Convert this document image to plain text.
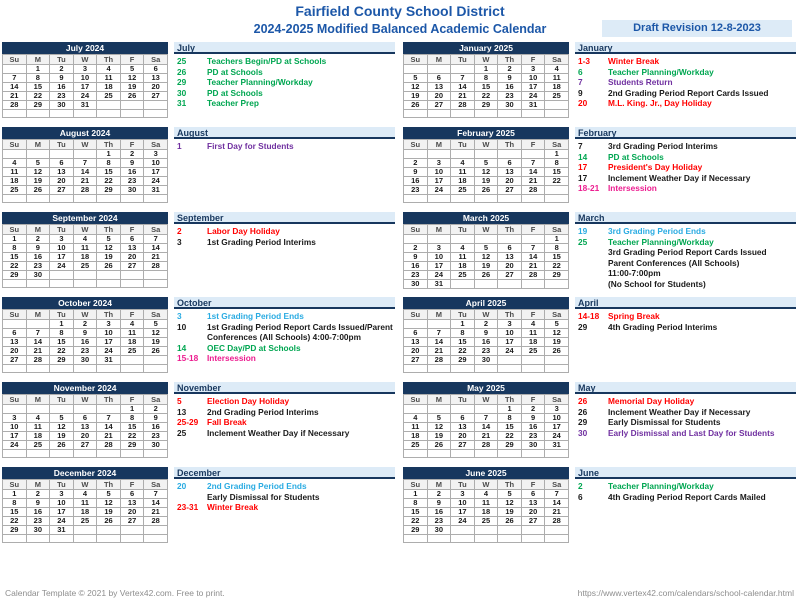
Fairfield County School District
2024-2025 Modified Balanced Academic Calendar	Draft Revision 12-8-2023
July 2024
Su	M	Tu	W	Th	F	Sa
	1	2	3	4	5	6
7	8	9	10	11	12	13
14	15	16	17	18	19	20
21	22	23	24	25	26	27
28	29	30	31			

July
25	Teachers Begin/PD at Schools
26	PD at Schools
29	Teacher Planning/Workday
30	PD at Schools
31	Teacher Prep
August 2024
Su	M	Tu	W	Th	F	Sa
				1	2	3
4	5	6	7	8	9	10
11	12	13	14	15	16	17
18	19	20	21	22	23	24
25	26	27	28	29	30	31

August
1	First Day for Students
September 2024
Su	M	Tu	W	Th	F	Sa
1	2	3	4	5	6	7
8	9	10	11	12	13	14
15	16	17	18	19	20	21
22	23	24	25	26	27	28
29	30					

September
2	Labor Day Holiday
3	1st Grading Period Interims
October 2024
Su	M	Tu	W	Th	F	Sa
		1	2	3	4	5
6	7	8	9	10	11	12
13	14	15	16	17	18	19
20	21	22	23	24	25	26
27	28	29	30	31		

October
3	1st Grading Period Ends
10	1st Grading Period Report Cards Issued/Parent
Conferences (All Schools) 4:00-7:00pm
14	OEC Day/PD at Schools
15-18 Intersession
November 2024
Su	M	Tu	W	Th	F	Sa
					1	2
3	4	5	6	7	8	9
10	11	12	13	14	15	16
17	18	19	20	21	22	23
24	25	26	27	28	29	30

November
5	Election Day Holiday
13	2nd Grading Period Interims
25-29 Fall Break
25	Inclement Weather Day if Necessary
December 2024
Su	M	Tu	W	Th	F	Sa
1	2	3	4	5	6	7
8	9	10	11	12	13	14
15	16	17	18	19	20	21
22	23	24	25	26	27	28
29	30	31				

December
20	2nd Grading Period Ends
Early Dismissal for Students
23-31 Winter Break
January 2025
Su	M	Tu	W	Th	F	Sa
			1	2	3	4
5	6	7	8	9	10	11
12	13	14	15	16	17	18
19	20	21	22	23	24	25
26	27	28	29	30	31	

January
1-3 Winter Break
6	Teacher Planning/Workday
7	Students Return
9	2nd Grading Period Report Cards Issued
20	M.L. King. Jr., Day Holiday
February 2025
Su	M	Tu	W	Th	F	Sa
						1
2	3	4	5	6	7	8
9	10	11	12	13	14	15
16	17	18	19	20	21	22
23	24	25	26	27	28	

February
7	3rd Grading Period Interims
14	PD at Schools
17	President's Day Holiday
17	Inclement Weather Day if Necessary
18-21 Intersession
March 2025
Su	M	Tu	W	Th	F	Sa
						1
2	3	4	5	6	7	8
9	10	11	12	13	14	15
16	17	18	19	20	21	22
23	24	25	26	27	28	29
30	31					
March
19	3rd Grading Period Ends
25	Teacher Planning/Workday
3rd Grading Period Report Cards Issued
Parent Conferences (All Schools)
11:00-7:00pm
(No School for Students)
April 2025
Su	M	Tu	W	Th	F	Sa
		1	2	3	4	5
6	7	8	9	10	11	12
13	14	15	16	17	18	19
20	21	22	23	24	25	26
27	28	29	30			

April
14-18 Spring Break
29	4th Grading Period Interims
May 2025
Su	M	Tu	W	Th	F	Sa
				1	2	3
4	5	6	7	8	9	10
11	12	13	14	15	16	17
18	19	20	21	22	23	24
25	26	27	28	29	30	31

May
26	Memorial Day Holiday
26	Inclement Weather Day if Necessary
29	Early Dismissal for Students
30	Early Dismissal and Last Day for Students
June 2025
Su	M	Tu	W	Th	F	Sa
1	2	3	4	5	6	7
8	9	10	11	12	13	14
15	16	17	18	19	20	21
22	23	24	25	26	27	28
29	30					

June
2	Teacher Planning/Workday
6	4th Grading Period Report Cards Mailed
Calendar Template © 2021 by Vertex42.com. Free to print.	https://www.vertex42.com/calendars/school-calendar.html
